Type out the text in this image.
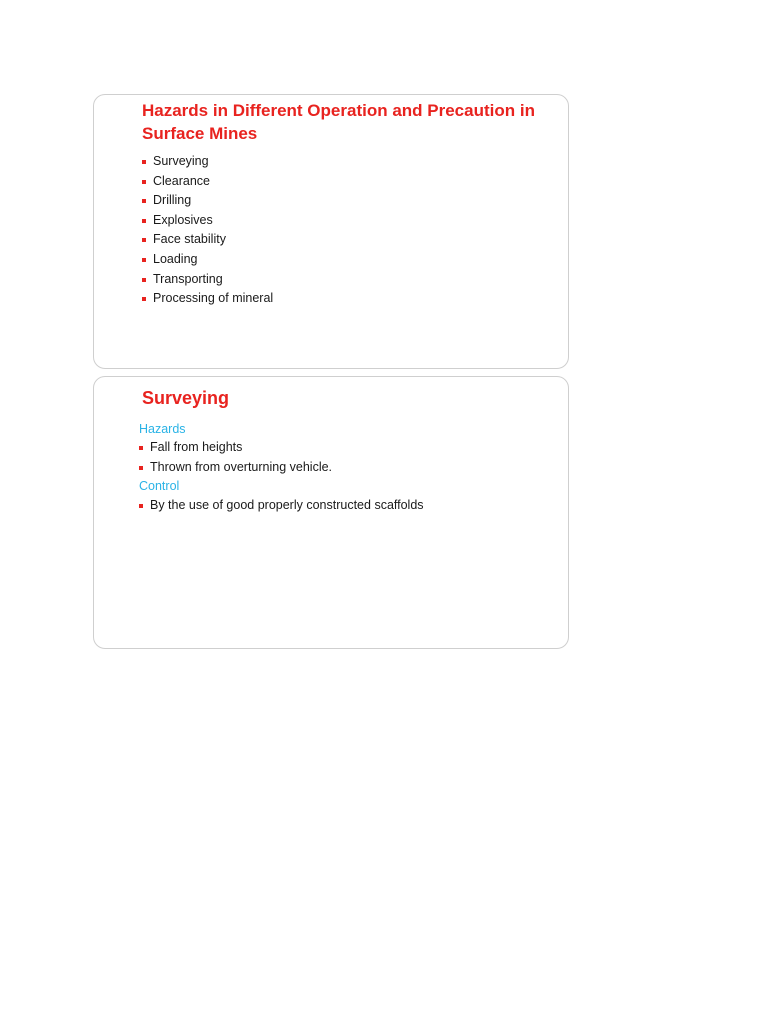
Hazards in Different Operation and Precaution in Surface Mines
Surveying
Clearance
Drilling
Explosives
Face stability
Loading
Transporting
Processing of mineral
Surveying
Hazards
Fall from heights
Thrown from overturning vehicle.
Control
By the use of good properly constructed scaffolds
